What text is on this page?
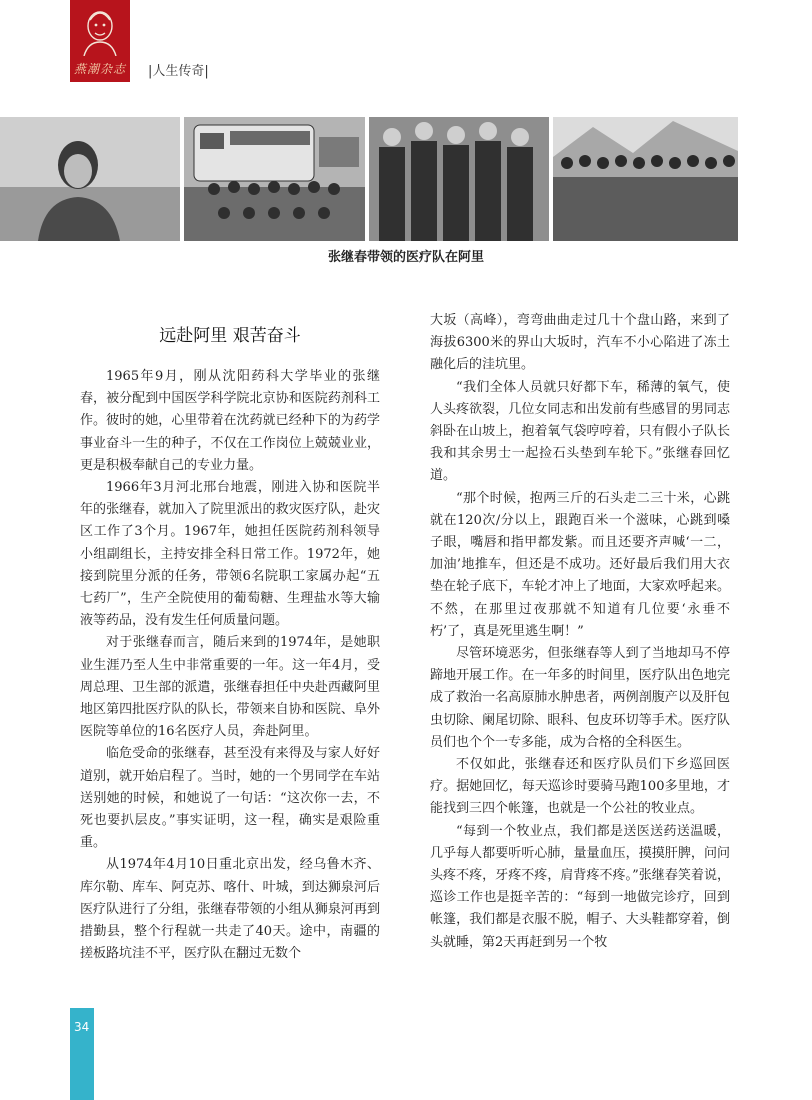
燕潮杂志	|人生传奇|
张继春带领的医疗队在阿里
远赴阿里 艰苦奋斗

1965年9月，刚从沈阳药科大学毕业的张继春，被分配到中国医学科学院北京协和医院药剂科工作。彼时的她，心里带着在沈药就已经种下的为药学事业奋斗一生的种子，不仅在工作岗位上兢兢业业，更是积极奉献自己的专业力量。

1966年3月河北邢台地震，刚进入协和医院半年的张继春，就加入了院里派出的救灾医疗队，赴灾区工作了3个月。1967年，她担任医院药剂科领导小组副组长，主持安排全科日常工作。1972年，她接到院里分派的任务，带领6名院职工家属办起“五七药厂”，生产全院使用的葡萄糖、生理盐水等大输液等药品，没有发生任何质量问题。

对于张继春而言，随后来到的1974年，是她职业生涯乃至人生中非常重要的一年。这一年4月，受周总理、卫生部的派遣，张继春担任中央赴西藏阿里地区第四批医疗队的队长，带领来自协和医院、阜外医院等单位的16名医疗人员，奔赴阿里。

临危受命的张继春，甚至没有来得及与家人好好道别，就开始启程了。当时，她的一个男同学在车站送别她的时候，和她说了一句话：“这次你一去，不死也要扒层皮。”事实证明，这一程，确实是艰险重重。

从1974年4月10日重北京出发，经乌鲁木齐、库尔勒、库车、阿克苏、喀什、叶城，到达狮泉河后医疗队进行了分组，张继春带领的小组从狮泉河再到措勤县，整个行程就一共走了40天。途中，南疆的搓板路坑洼不平，医疗队在翻过无数个

大坂（高峰），弯弯曲曲走过几十个盘山路，来到了海拔6300米的界山大坂时，汽车不小心陷进了冻土融化后的洼坑里。

“我们全体人员就只好都下车，稀薄的氧气，使人头疼欲裂，几位女同志和出发前有些感冒的男同志斜卧在山坡上，抱着氧气袋哼哼着，只有假小子队长我和其余男士一起捡石头垫到车轮下。”张继春回忆道。

“那个时候，抱两三斤的石头走二三十米，心跳就在120次/分以上，跟跑百米一个滋味，心跳到嗓子眼，嘴唇和指甲都发紫。而且还要齐声喊‘一二，加油’地推车，但还是不成功。还好最后我们用大衣垫在轮子底下，车轮才冲上了地面，大家欢呼起来。不然，在那里过夜那就不知道有几位要‘永垂不朽’了，真是死里逃生啊！”

尽管环境恶劣，但张继春等人到了当地却马不停蹄地开展工作。在一年多的时间里，医疗队出色地完成了救治一名高原肺水肿患者，两例剖腹产以及肝包虫切除、阑尾切除、眼科、包皮环切等手术。医疗队员们也个个一专多能，成为合格的全科医生。

不仅如此，张继春还和医疗队员们下乡巡回医疗。据她回忆，每天巡诊时要骑马跑100多里地，才能找到三四个帐篷，也就是一个公社的牧业点。

“每到一个牧业点，我们都是送医送药送温暖，几乎每人都要听听心肺，量量血压，摸摸肝脾，问问头疼不疼，牙疼不疼，肩背疼不疼。”张继春笑着说，巡诊工作也是挺辛苦的：“每到一地做完诊疗，回到帐篷，我们都是衣服不脱，帽子、大头鞋都穿着，倒头就睡，第2天再赶到另一个牧

34
